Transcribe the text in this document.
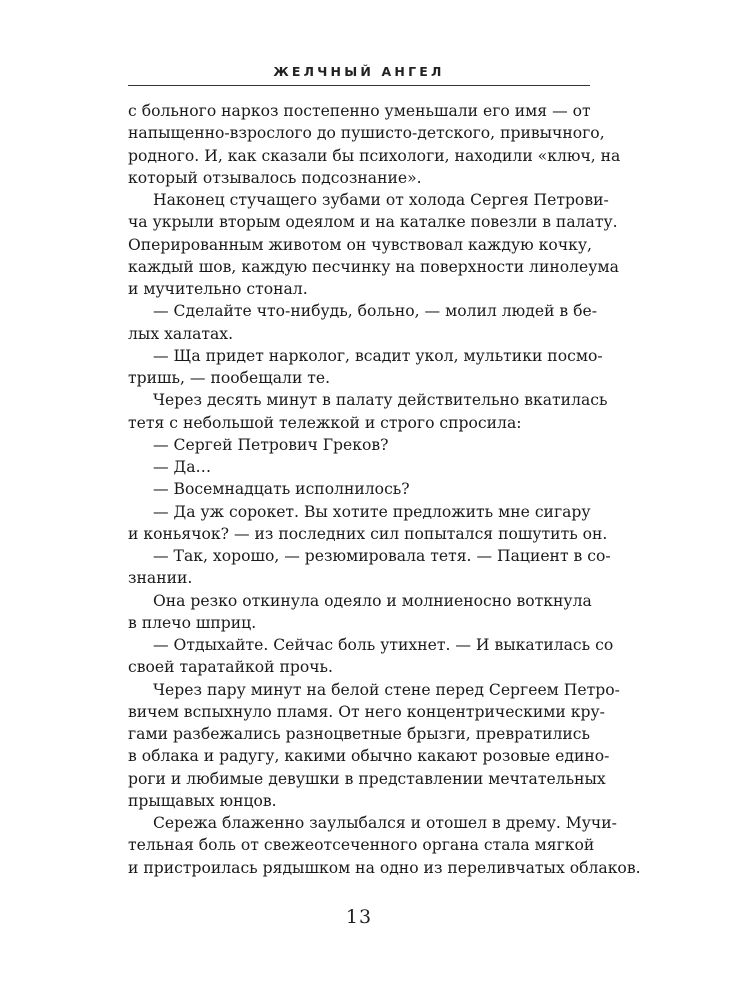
ЖЕЛЧНЫЙ АНГЕЛ
с больного наркоз постепенно уменьшали его имя — от
напыщенно-взрослого до пушисто-детского, привычного,
родного. И, как сказали бы психологи, находили «ключ, на
который отзывалось подсознание».
Наконец стучащего зубами от холода Сергея Петрови-
ча укрыли вторым одеялом и на каталке повезли в палату.
Оперированным животом он чувствовал каждую кочку,
каждый шов, каждую песчинку на поверхности линолеума
и мучительно стонал.
— Сделайте что-нибудь, больно, — молил людей в бе-
лых халатах.
— Ща придет нарколог, всадит укол, мультики посмо-
тришь, — пообещали те.
Через десять минут в палату действительно вкатилась
тетя с небольшой тележкой и строго спросила:
— Сергей Петрович Греков?
— Да…
— Восемнадцать исполнилось?
— Да уж сорокет. Вы хотите предложить мне сигару
и коньячок? — из последних сил попытался пошутить он.
— Так, хорошо, — резюмировала тетя. — Пациент в со-
знании.
Она резко откинула одеяло и молниеносно воткнула
в плечо шприц.
— Отдыхайте. Сейчас боль утихнет. — И выкатилась со
своей таратайкой прочь.
Через пару минут на белой стене перед Сергеем Петро-
вичем вспыхнуло пламя. От него концентрическими кру-
гами разбежались разноцветные брызги, превратились
в облака и радугу, какими обычно какают розовые едино-
роги и любимые девушки в представлении мечтательных
прыщавых юнцов.
Сережа блаженно заулыбался и отошел в дрему. Мучи-
тельная боль от свежеотсеченного органа стала мягкой
и пристроилась рядышком на одно из переливчатых облаков.
13
